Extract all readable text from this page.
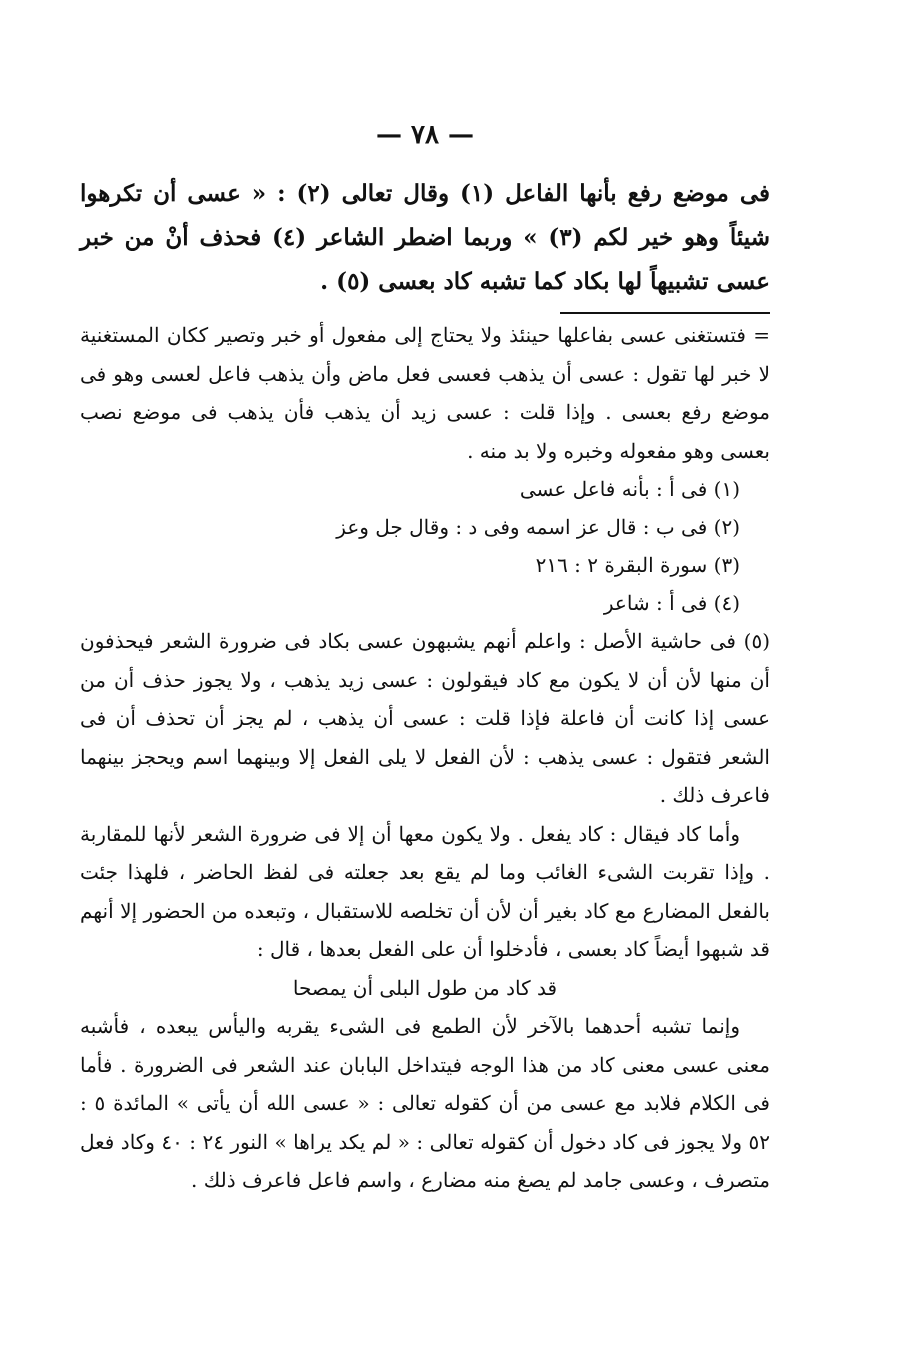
— ٧٨ —

فى موضع رفع بأنها الفاعل (١) وقال تعالى (٢) : « عسى أن تكرهوا شيئاً وهو خير لكم (٣) » وربما اضطر الشاعر (٤) فحذف أنْ من خبر عسى تشبيهاً لها بكاد كما تشبه كاد بعسى (٥) .

= فتستغنى عسى بفاعلها حينئذ ولا يحتاج إلى مفعول أو خبر وتصير ككان المستغنية لا خبر لها تقول : عسى أن يذهب فعسى فعل ماض وأن يذهب فاعل لعسى وهو فى موضع رفع بعسى . وإذا قلت : عسى زيد أن يذهب فأن يذهب فى موضع نصب بعسى وهو مفعوله وخبره ولا بد منه .

(١) فى أ : بأنه فاعل عسى
(٢) فى ب : قال عز اسمه وفى د : وقال جل وعز
(٣) سورة البقرة ٢ : ٢١٦
(٤) فى أ : شاعر

(٥) فى حاشية الأصل : واعلم أنهم يشبهون عسى بكاد فى ضرورة الشعر فيحذفون أن منها لأن أن لا يكون مع كاد فيقولون : عسى زيد يذهب ، ولا يجوز حذف أن من عسى إذا كانت أن فاعلة فإذا قلت : عسى أن يذهب ، لم يجز أن تحذف أن فى الشعر فتقول : عسى يذهب : لأن الفعل لا يلى الفعل إلا وبينهما اسم ويحجز بينهما فاعرف ذلك .

وأما كاد فيقال : كاد يفعل . ولا يكون معها أن إلا فى ضرورة الشعر لأنها للمقاربة . وإذا تقربت الشىء الغائب وما لم يقع بعد جعلته فى لفظ الحاضر ، فلهذا جئت بالفعل المضارع مع كاد بغير أن لأن أن تخلصه للاستقبال ، وتبعده من الحضور إلا أنهم قد شبهوا أيضاً كاد بعسى ، فأدخلوا أن على الفعل بعدها ، قال :

قد كاد من طول البلى أن يمصحا

وإنما تشبه أحدهما بالآخر لأن الطمع فى الشىء يقربه واليأس يبعده ، فأشبه معنى عسى معنى كاد من هذا الوجه فيتداخل البابان عند الشعر فى الضرورة . فأما فى الكلام فلابد مع عسى من أن كقوله تعالى : « عسى الله أن يأتى » المائدة ٥ : ٥٢ ولا يجوز فى كاد دخول أن كقوله تعالى : « لم يكد يراها » النور ٢٤ : ٤٠ وكاد فعل متصرف ، وعسى جامد لم يصغ منه مضارع ، واسم فاعل فاعرف ذلك .
